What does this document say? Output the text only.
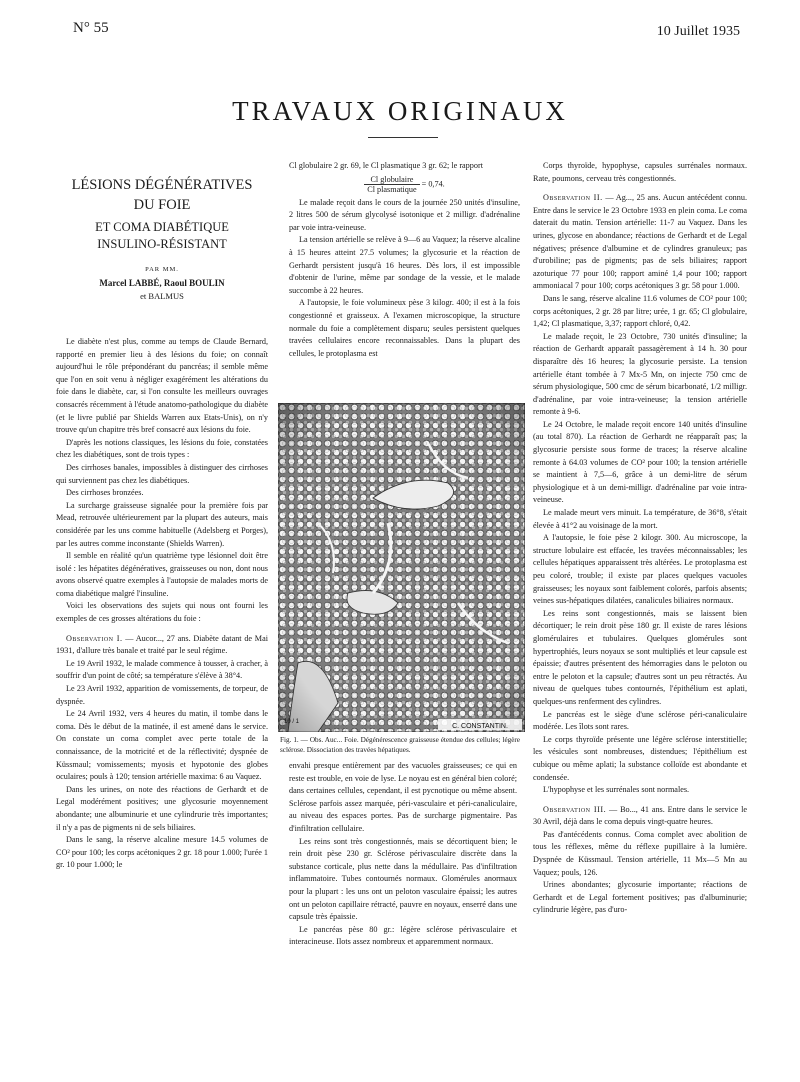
N° 55	10 Juillet 1935
TRAVAUX ORIGINAUX
LÉSIONS DÉGÉNÉRATIVES
DU FOIE
ET COMA DIABÉTIQUE
INSULINO-RÉSISTANT
PAR MM.
Marcel LABBÉ, Raoul BOULIN
et BALMUS

Le diabète n'est plus, comme au temps de Claude Bernard, rapporté en premier lieu à des lésions du foie; on connaît aujourd'hui le rôle prépondérant du pancréas; il semble même que l'on en soit venu à négliger exagérément les altérations du foie dans le diabète, car, si l'on consulte les meilleurs ouvrages consacrés récemment à l'étude anatomo-pathologique du diabète (et le livre publié par Shields Warren aux Etats-Unis), on n'y trouve qu'un chapitre très bref consacré aux lésions du foie.

D'après les notions classiques, les lésions du foie, constatées chez les diabétiques, sont de trois types :

Des cirrhoses banales, impossibles à distinguer des cirrhoses qui surviennent pas chez les diabétiques.

Des cirrhoses bronzées.

La surcharge graisseuse signalée pour la première fois par Mead, retrouvée ultérieurement par la plupart des auteurs, mais considérée par les uns comme habituelle (Adelsberg et Porges), par les autres comme inconstante (Shields Warren).

Il semble en réalité qu'un quatrième type lésionnel doit être isolé : les hépatites dégénératives, graisseuses ou non, dont nous avons observé quatre exemples à l'autopsie de malades morts de coma diabétique malgré l'insuline.

Voici les observations des sujets qui nous ont fourni les exemples de ces grosses altérations du foie :

Observation I. — Aucor..., 27 ans. Diabète datant de Mai 1931, d'allure très banale et traité par le seul régime.

Le 19 Avril 1932, le malade commence à tousser, à cracher, à souffrir d'un point de côté; sa température s'élève à 38°4.

Le 23 Avril 1932, apparition de vomissements, de torpeur, de dyspnée.

Le 24 Avril 1932, vers 4 heures du matin, il tombe dans le coma. Dès le début de la matinée, il est amené dans le service. On constate un coma complet avec perte totale de la connaissance, de la motricité et de la réflectivité; dyspnée de Küssmaul; vomissements; myosis et hypotonie des globes oculaires; pouls à 120; tension artérielle maxima: 6 au Vaquez.

Dans les urines, on note des réactions de Gerhardt et de Legal modérément positives; une glycosurie moyennement abondante; une albuminurie et une cylindrurie très importantes; il n'y a pas de pigments ni de sels biliaires.

Dans le sang, la réserve alcaline mesure 14.5 volumes de CO² pour 100; les corps acétoniques 2 gr. 18 pour 1.000; l'urée 1 gr. 10 pour 1.000; le

Cl globulaire 2 gr. 69, le Cl plasmatique 3 gr. 62; le rapport

$\frac{\text{Cl globulaire}}{\text{Cl plasmatique}} = 0,74$.

Le malade reçoit dans le cours de la journée 250 unités d'insuline, 2 litres 500 de sérum glycolysé isotonique et 2 milligr. d'adrénaline par voie intra-veineuse.

La tension artérielle se relève à 9—6 au Vaquez; la réserve alcaline à 15 heures atteint 27.5 volumes; la glycosurie et la réaction de Gerhardt persistent jusqu'à 16 heures. Dès lors, il est impossible d'obtenir de l'urine, même par sondage de la vessie, et le malade succombe à 22 heures.

A l'autopsie, le foie volumineux pèse 3 kilogr. 400; il est à la fois congestionné et graisseux. A l'examen microscopique, la structure normale du foie a complètement disparu; seules persistent quelques travées cellulaires encore reconnaissables. Dans la plupart des cellules, le protoplasma est

C. CONSTANTIN.
10 / 1
Fig. 1. — Obs. Auc... Foie. Dégénérescence graisseuse étendue des cellules; légère sclérose. Dissociation des travées hépatiques.

envahi presque entièrement par des vacuoles graisseuses; ce qui en reste est trouble, en voie de lyse. Le noyau est en général bien coloré; dans certaines cellules, cependant, il est pycnotique ou même absent. Sclérose parfois assez marquée, péri-vasculaire et péri-canaliculaire, au niveau des espaces portes. Pas de surcharge pigmentaire. Pas d'infiltration cellulaire.

Les reins sont très congestionnés, mais se décortiquent bien; le rein droit pèse 230 gr. Sclérose périvasculaire discrète dans la substance corticale, plus nette dans la médullaire. Pas d'infiltration inflammatoire. Tubes contournés normaux. Glomérules anormaux pour la plupart : les uns ont un peloton vasculaire épaissi; les autres ont un peloton capillaire rétracté, pauvre en noyaux, enserré dans une capsule très épaissie.

Le pancréas pèse 80 gr.: légère sclérose périvasculaire et interacineuse. Ilots assez nombreux et apparemment normaux.

Corps thyroïde, hypophyse, capsules surrénales normaux. Rate, poumons, cerveau très congestionnés.

Observation II. — Ag..., 25 ans. Aucun antécédent connu. Entre dans le service le 23 Octobre 1933 en plein coma. Le coma daterait du matin. Tension artérielle: 11-7 au Vaquez. Dans les urines, glycose en abondance; réactions de Gerhardt et de Legal négatives; présence d'albumine et de cylindres granuleux; pas d'urobiline; pas de pigments; pas de sels biliaires; rapport azoturique 77 pour 100; rapport aminé 1,4 pour 100; rapport ammoniacal 7 pour 100; corps acétoniques 3 gr. 58 pour 1.000.

Dans le sang, réserve alcaline 11.6 volumes de CO² pour 100; corps acétoniques, 2 gr. 28 par litre; urée, 1 gr. 65; Cl globulaire, 1,42; Cl plasmatique, 3,37; rapport chloré, 0,42.

Le malade reçoit, le 23 Octobre, 730 unités d'insuline; la réaction de Gerhardt apparaît passagèrement à 14 h. 30 pour disparaître dès 16 heures; la glycosurie persiste. La tension artérielle étant tombée à 7 Mx-5 Mn, on injecte 750 cmc de sérum physiologique, 500 cmc de sérum bicarbonaté, 1/2 milligr. d'adrénaline, par voie intra-veineuse; la tension artérielle remonte à 9-6.

Le 24 Octobre, le malade reçoit encore 140 unités d'insuline (au total 870). La réaction de Gerhardt ne réapparaît pas; la glycosurie persiste sous forme de traces; la réserve alcaline remonte à 64.03 volumes de CO² pour 100; la tension artérielle se maintient à 7,5—6, grâce à un demi-litre de sérum physiologique et à un demi-milligr. d'adrénaline par voie intra-veineuse.

Le malade meurt vers minuit. La température, de 36°8, s'était élevée à 41°2 au voisinage de la mort.

A l'autopsie, le foie pèse 2 kilogr. 300. Au microscope, la structure lobulaire est effacée, les travées méconnaissables; les cellules hépatiques apparaissent très altérées. Le protoplasma est peu coloré, trouble; il existe par places quelques vacuoles graisseuses; les noyaux sont faiblement colorés, parfois absents; veines sus-hépatiques dilatées, canalicules biliaires normaux.

Les reins sont congestionnés, mais se laissent bien décortiquer; le rein droit pèse 180 gr. Il existe de rares lésions glomérulaires et tubulaires. Quelques glomérules sont hypertrophiés, leurs noyaux se sont multipliés et leur capsule est épaissie; d'autres présentent des hémorragies dans le peloton ou entre le peloton et la capsule; d'autres sont un peu rétractés. Au niveau de quelques tubes contournés, l'épithélium est aplati, quelques-uns renferment des cylindres.

Le pancréas est le siège d'une sclérose péri-canaliculaire modérée. Les îlots sont rares.

Le corps thyroïde présente une légère sclérose interstitielle; les vésicules sont nombreuses, distendues; l'épithélium est cubique ou même aplati; la substance colloïde est abondante et condensée.

L'hypophyse et les surrénales sont normales.

Observation III. — Bo..., 41 ans. Entre dans le service le 30 Avril, déjà dans le coma depuis vingt-quatre heures.

Pas d'antécédents connus. Coma complet avec abolition de tous les réflexes, même du réflexe pupillaire à la lumière. Dyspnée de Küssmaul. Tension artérielle, 11 Mx—5 Mn au Vaquez; pouls, 126.

Urines abondantes; glycosurie importante; réactions de Gerhardt et de Legal fortement positives; pas d'albuminurie; cylindrurie légère, pas d'uro-
